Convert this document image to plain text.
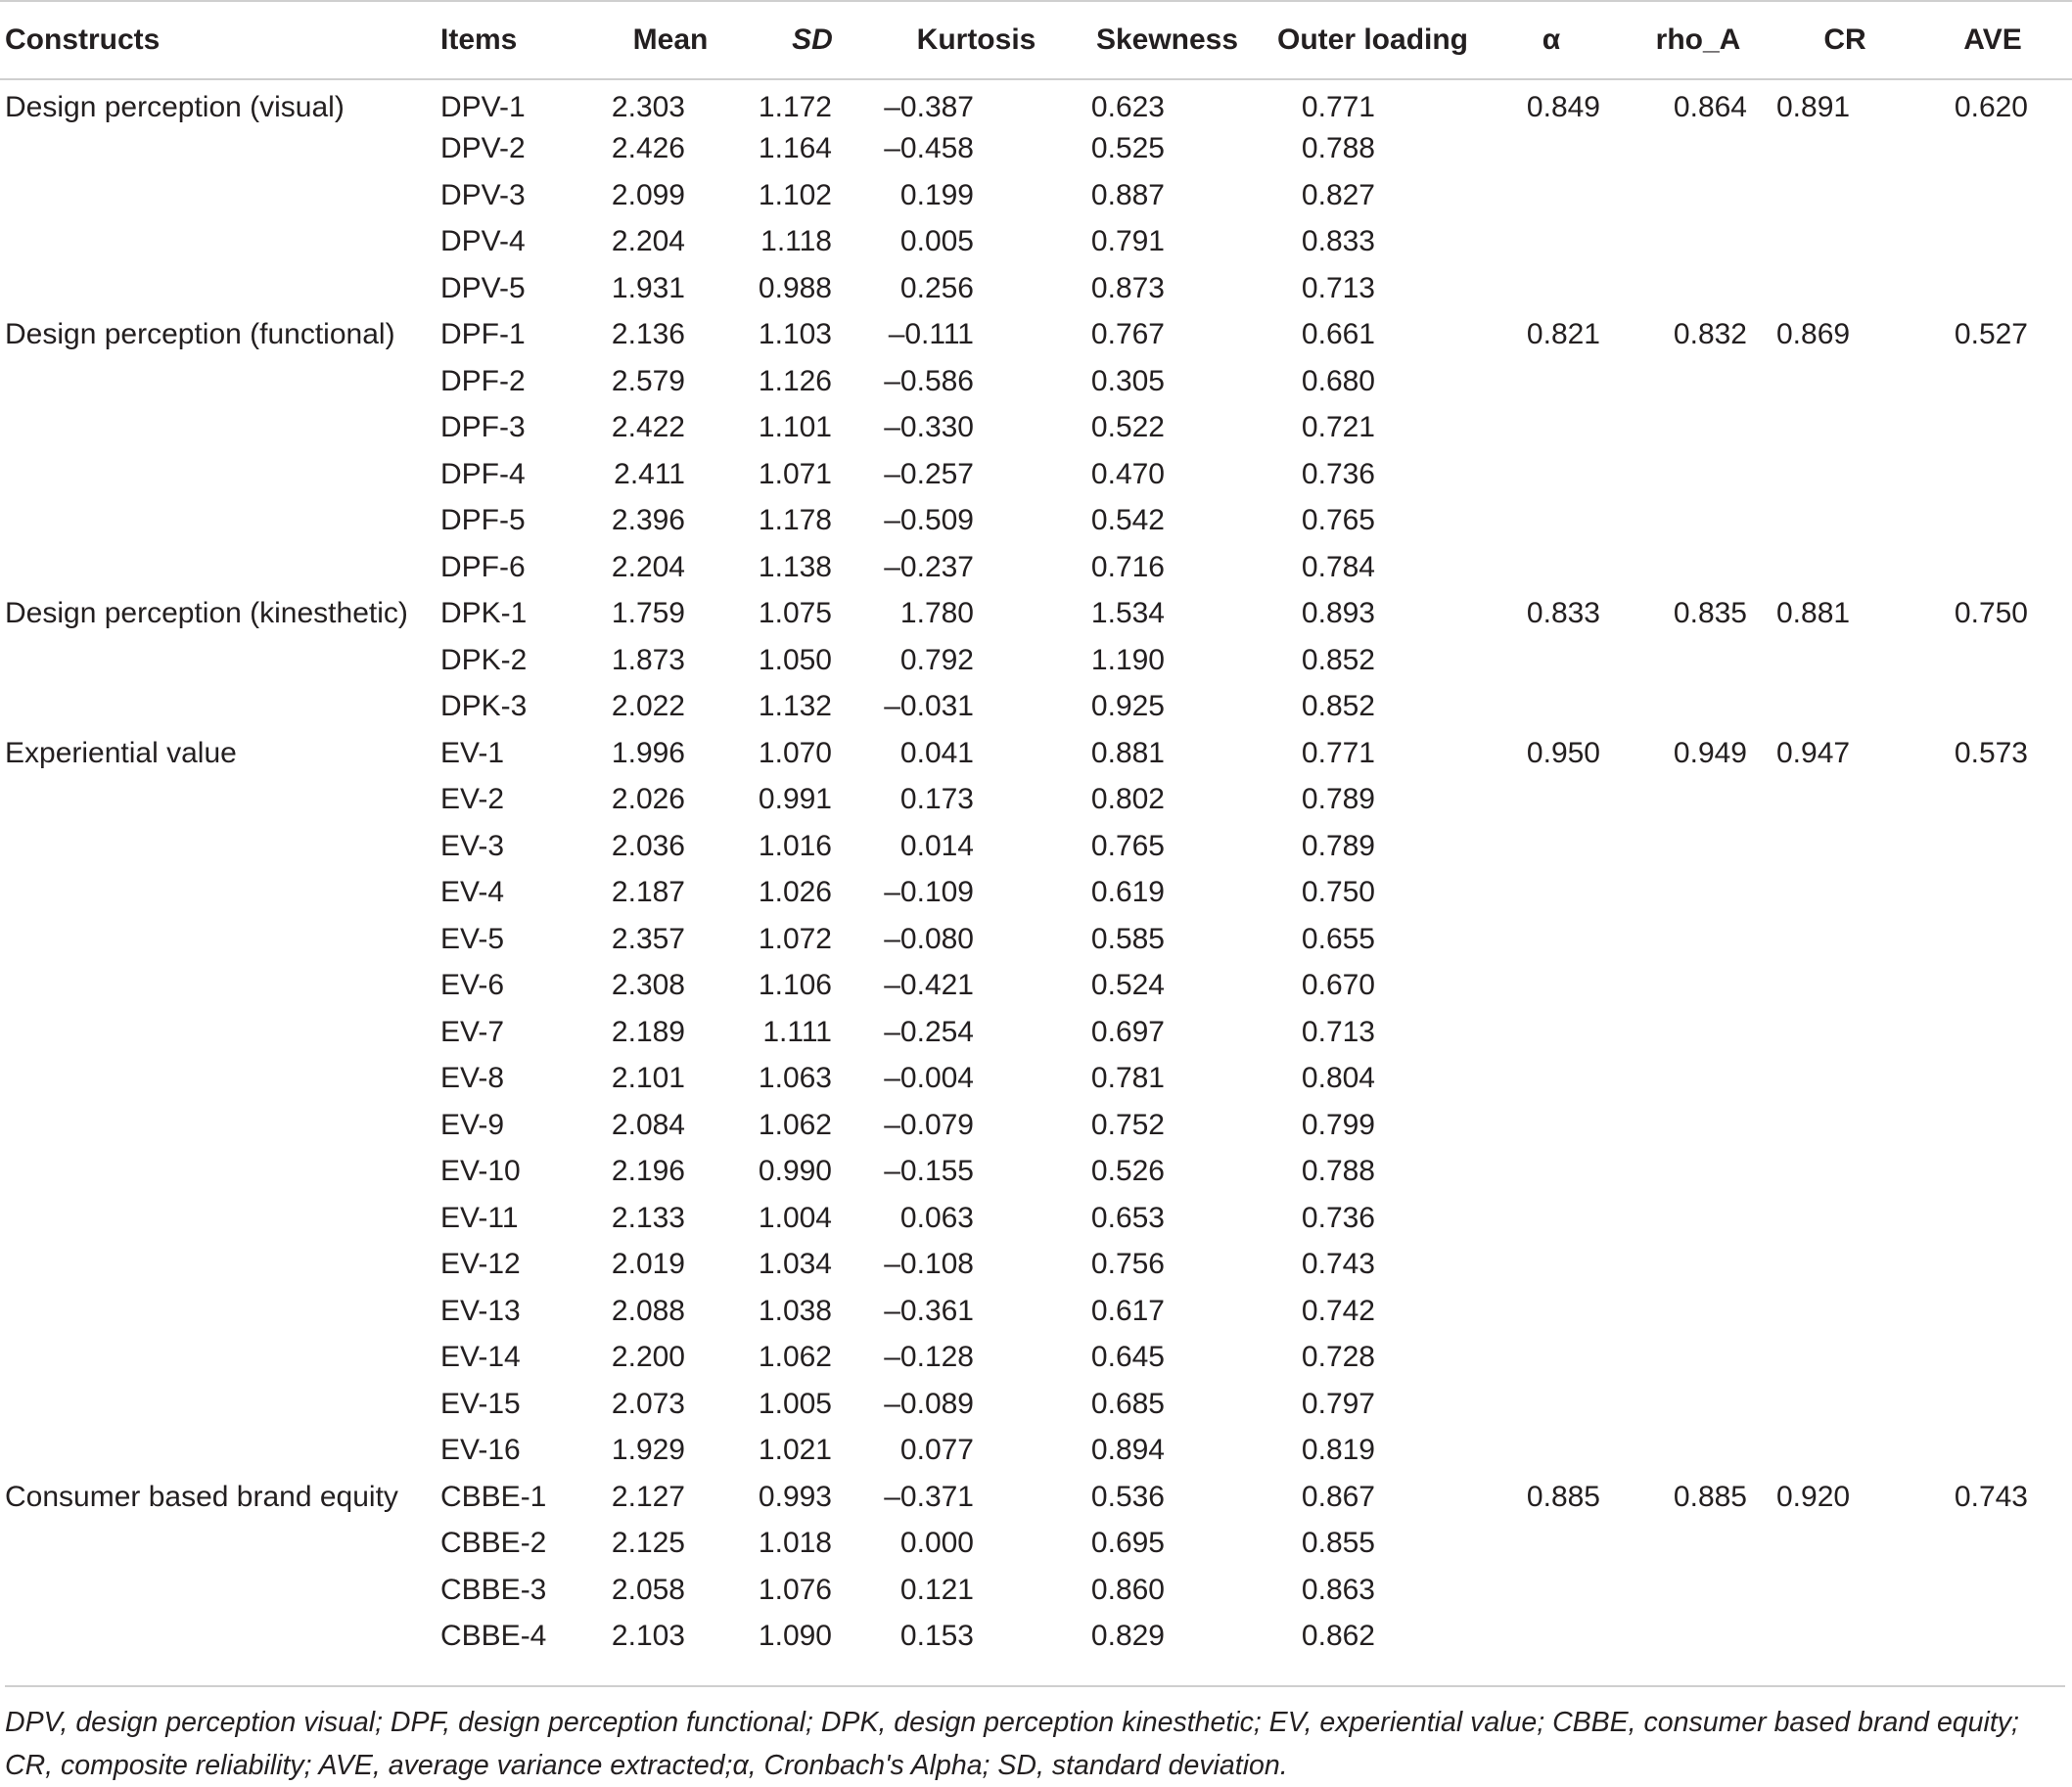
Constructs	Items	Mean	SD	Kurtosis	Skewness	Outer loading	α	rho_A	CR	AVE
Design perception (visual)	DPV-1	2.303	1.172	–0.387	0.623	0.771	0.849	0.864	0.891	0.620
	DPV-2	2.426	1.164	–0.458	0.525	0.788				
	DPV-3	2.099	1.102	0.199	0.887	0.827				
	DPV-4	2.204	1.118	0.005	0.791	0.833				
	DPV-5	1.931	0.988	0.256	0.873	0.713				
Design perception (functional)	DPF-1	2.136	1.103	–0.111	0.767	0.661	0.821	0.832	0.869	0.527
	DPF-2	2.579	1.126	–0.586	0.305	0.680				
	DPF-3	2.422	1.101	–0.330	0.522	0.721				
	DPF-4	2.411	1.071	–0.257	0.470	0.736				
	DPF-5	2.396	1.178	–0.509	0.542	0.765				
	DPF-6	2.204	1.138	–0.237	0.716	0.784				
Design perception (kinesthetic)	DPK-1	1.759	1.075	1.780	1.534	0.893	0.833	0.835	0.881	0.750
	DPK-2	1.873	1.050	0.792	1.190	0.852				
	DPK-3	2.022	1.132	–0.031	0.925	0.852				
Experiential value	EV-1	1.996	1.070	0.041	0.881	0.771	0.950	0.949	0.947	0.573
	EV-2	2.026	0.991	0.173	0.802	0.789				
	EV-3	2.036	1.016	0.014	0.765	0.789				
	EV-4	2.187	1.026	–0.109	0.619	0.750				
	EV-5	2.357	1.072	–0.080	0.585	0.655				
	EV-6	2.308	1.106	–0.421	0.524	0.670				
	EV-7	2.189	1.111	–0.254	0.697	0.713				
	EV-8	2.101	1.063	–0.004	0.781	0.804				
	EV-9	2.084	1.062	–0.079	0.752	0.799				
	EV-10	2.196	0.990	–0.155	0.526	0.788				
	EV-11	2.133	1.004	0.063	0.653	0.736				
	EV-12	2.019	1.034	–0.108	0.756	0.743				
	EV-13	2.088	1.038	–0.361	0.617	0.742				
	EV-14	2.200	1.062	–0.128	0.645	0.728				
	EV-15	2.073	1.005	–0.089	0.685	0.797				
	EV-16	1.929	1.021	0.077	0.894	0.819				
Consumer based brand equity	CBBE-1	2.127	0.993	–0.371	0.536	0.867	0.885	0.885	0.920	0.743
	CBBE-2	2.125	1.018	0.000	0.695	0.855				
	CBBE-3	2.058	1.076	0.121	0.860	0.863				
	CBBE-4	2.103	1.090	0.153	0.829	0.862				
DPV, design perception visual; DPF, design perception functional; DPK, design perception kinesthetic; EV, experiential value; CBBE, consumer based brand equity; CR, composite reliability; AVE, average variance extracted;α, Cronbach's Alpha; SD, standard deviation.
